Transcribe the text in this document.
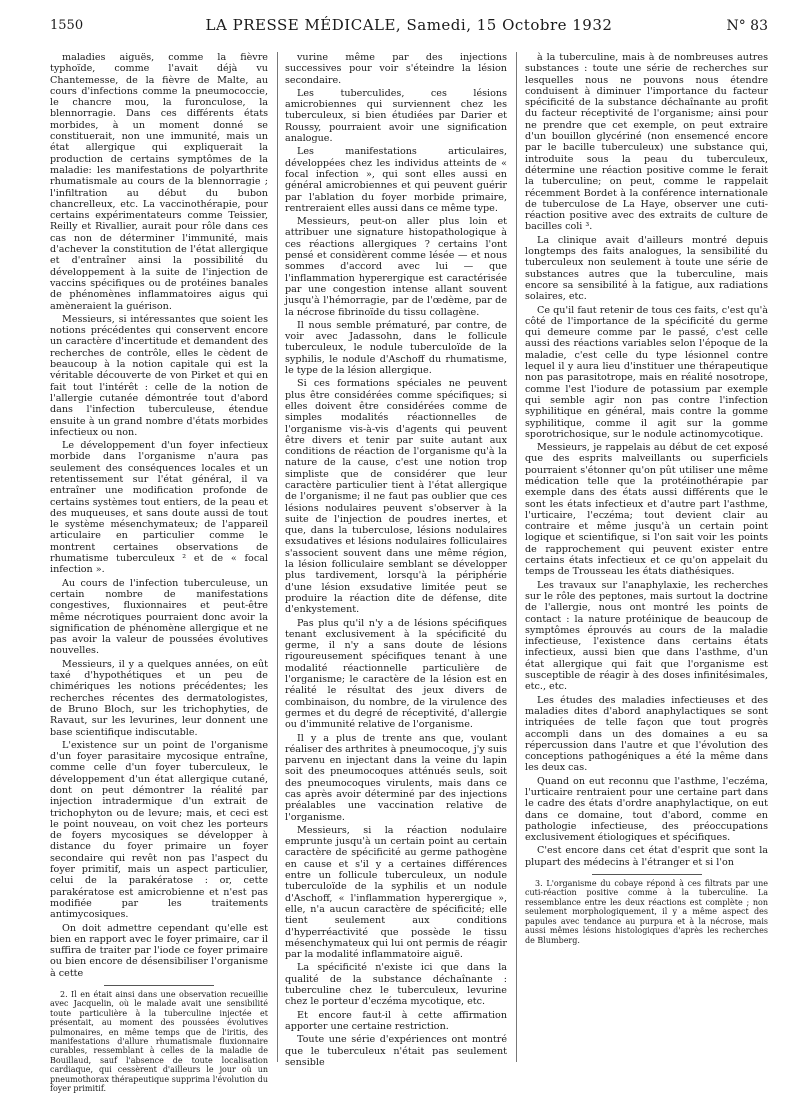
1550	LA PRESSE MÉDICALE, Samedi, 15 Octobre 1932	N° 83

maladies aiguës, comme la fièvre typhoïde, comme l'avait déjà vu Chantemesse, de la fièvre de Malte, au cours d'infections comme la pneumococcie, le chancre mou, la furonculose, la blennorragie. Dans ces différents états morbides, à un moment donné se constituerait, non une immunité, mais un état allergique qui expliquerait la production de certains symptômes de la maladie: les manifestations de polyarthrite rhumatismale au cours de la blennorragie ; l'infiltration au début du bubon chancrelleux, etc. La vaccinothérapie, pour certains expérimentateurs comme Teissier, Reilly et Rivallier, aurait pour rôle dans ces cas non de déterminer l'immunité, mais d'achever la constitution de l'état allergique et d'entraîner ainsi la possibilité du développement à la suite de l'injection de vaccins spécifiques ou de protéines banales de phénomènes inflammatoires aigus qui amèneraient la guérison.

Messieurs, si intéressantes que soient les notions précédentes qui conservent encore un caractère d'incertitude et demandent des recherches de contrôle, elles le cèdent de beaucoup à la notion capitale qui est la véritable découverte de von Pirket et qui en fait tout l'intérêt : celle de la notion de l'allergie cutanée démontrée tout d'abord dans l'infection tuberculeuse, étendue ensuite à un grand nombre d'états morbides infectieux ou non.

Le développement d'un foyer infectieux morbide dans l'organisme n'aura pas seulement des conséquences locales et un retentissement sur l'état général, il va entraîner une modification profonde de certains systèmes tout entiers, de la peau et des muqueuses, et sans doute aussi de tout le système mésenchymateux; de l'appareil articulaire en particulier comme le montrent certaines observations de rhumatisme tuberculeux ² et de « focal infection ».

Au cours de l'infection tuberculeuse, un certain nombre de manifestations congestives, fluxionnaires et peut-être même nécrotiques pourraient donc avoir la signification de phénomène allergique et ne pas avoir la valeur de poussées évolutives nouvelles.

Messieurs, il y a quelques années, on eût taxé d'hypothétiques et un peu de chimériques les notions précédentes; les recherches récentes des dermatologistes, de Bruno Bloch, sur les trichophyties, de Ravaut, sur les levurines, leur donnent une base scientifique indiscutable.

L'existence sur un point de l'organisme d'un foyer parasitaire mycosique entraîne, comme celle d'un foyer tuberculeux, le développement d'un état allergique cutané, dont on peut démontrer la réalité par injection intradermique d'un extrait de trichophyton ou de levure; mais, et ceci est le point nouveau, on voit chez les porteurs de foyers mycosiques se développer à distance du foyer primaire un foyer secondaire qui revêt non pas l'aspect du foyer primitif, mais un aspect particulier, celui de la parakératose : or, cette parakératose est amicrobienne et n'est pas modifiée par les traitements antimycosiques.

On doit admettre cependant qu'elle est bien en rapport avec le foyer primaire, car il suffira de traiter par l'iode ce foyer primaire ou bien encore de désensibiliser l'organisme à cette

2. Il en était ainsi dans une observation recueillie avec Jacquelin, où le malade avait une sensibilité toute particulière à la tuberculine injectée et présentait, au moment des poussées évolutives pulmonaires, en même temps que de l'iritis, des manifestations d'allure rhumatismale fluxionnaire curables, ressemblant à celles de la maladie de Bouillaud, sauf l'absence de toute localisation cardiaque, qui cessèrent d'ailleurs le jour où un pneumothorax thérapeutique supprima l'évolution du foyer primitif.

vurine même par des injections successives pour voir s'éteindre la lésion secondaire.

Les tuberculides, ces lésions amicrobiennes qui surviennent chez les tuberculeux, si bien étudiées par Darier et Roussy, pourraient avoir une signification analogue.

Les manifestations articulaires, développées chez les individus atteints de « focal infection », qui sont elles aussi en général amicrobiennes et qui peuvent guérir par l'ablation du foyer morbide primaire, rentreraient elles aussi dans ce même type.

Messieurs, peut-on aller plus loin et attribuer une signature histopathologique à ces réactions allergiques ? certains l'ont pensé et considèrent comme lésée — et nous sommes d'accord avec lui — que l'inflammation hyperergique est caractérisée par une congestion intense allant souvent jusqu'à l'hémorragie, par de l'œdème, par de la nécrose fibrinoïde du tissu collagène.

Il nous semble prématuré, par contre, de voir avec Jadassohn, dans le follicule tuberculeux, le nodule tuberculoïde de la syphilis, le nodule d'Aschoff du rhumatisme, le type de la lésion allergique.

Si ces formations spéciales ne peuvent plus être considérées comme spécifiques; si elles doivent être considérées comme de simples modalités réactionnelles de l'organisme vis-à-vis d'agents qui peuvent être divers et tenir par suite autant aux conditions de réaction de l'organisme qu'à la nature de la cause, c'est une notion trop simpliste que de considérer que leur caractère particulier tient à l'état allergique de l'organisme; il ne faut pas oublier que ces lésions nodulaires peuvent s'observer à la suite de l'injection de poudres inertes, et que, dans la tuberculose, lésions nodulaires exsudatives et lésions nodulaires folliculaires s'associent souvent dans une même région, la lésion folliculaire semblant se développer plus tardivement, lorsqu'à la périphérie d'une lésion exsudative limitée peut se produire la réaction dite de défense, dite d'enkystement.

Pas plus qu'il n'y a de lésions spécifiques tenant exclusivement à la spécificité du germe, il n'y a sans doute de lésions rigoureusement spécifiques tenant à une modalité réactionnelle particulière de l'organisme; le caractère de la lésion est en réalité le résultat des jeux divers de combinaison, du nombre, de la virulence des germes et du degré de réceptivité, d'allergie ou d'immunité relative de l'organisme.

Il y a plus de trente ans que, voulant réaliser des arthrites à pneumocoque, j'y suis parvenu en injectant dans la veine du lapin soit des pneumocoques atténués seuls, soit des pneumocoques virulents, mais dans ce cas après avoir déterminé par des injections préalables une vaccination relative de l'organisme.

Messieurs, si la réaction nodulaire emprunte jusqu'à un certain point au certain caractère de spécificité au germe pathogène en cause et s'il y a certaines différences entre un follicule tuberculeux, un nodule tuberculoïde de la syphilis et un nodule d'Aschoff, « l'inflammation hyperergique », elle, n'a aucun caractère de spécificité; elle tient seulement aux conditions d'hyperréactivité que possède le tissu mésenchymateux qui lui ont permis de réagir par la modalité inflammatoire aiguë.

La spécificité n'existe ici que dans la qualité de la substance déchaînante : tuberculine chez le tuberculeux, levurine chez le porteur d'eczéma mycotique, etc.

Et encore faut-il à cette affirmation apporter une certaine restriction.

Toute une série d'expériences ont montré que le tuberculeux n'était pas seulement sensible

à la tuberculine, mais à de nombreuses autres substances : toute une série de recherches sur lesquelles nous ne pouvons nous étendre conduisent à diminuer l'importance du facteur spécificité de la substance déchaînante au profit du facteur réceptivité de l'organisme; ainsi pour ne prendre que cet exemple, on peut extraire d'un bouillon glycériné (non ensemencé encore par le bacille tuberculeux) une substance qui, introduite sous la peau du tuberculeux, détermine une réaction positive comme le ferait la tuberculine; on peut, comme le rappelait récemment Bordet à la conférence internationale de tuberculose de La Haye, observer une cuti-réaction positive avec des extraits de culture de bacilles coli ³.

La clinique avait d'ailleurs montré depuis longtemps des faits analogues, la sensibilité du tuberculeux non seulement à toute une série de substances autres que la tuberculine, mais encore sa sensibilité à la fatigue, aux radiations solaires, etc.

Ce qu'il faut retenir de tous ces faits, c'est qu'à côté de l'importance de la spécificité du germe qui demeure comme par le passé, c'est celle aussi des réactions variables selon l'époque de la maladie, c'est celle du type lésionnel contre lequel il y aura lieu d'instituer une thérapeutique non pas parasitotrope, mais en réalité nosotrope, comme l'est l'iodure de potassium par exemple qui semble agir non pas contre l'infection syphilitique en général, mais contre la gomme syphilitique, comme il agit sur la gomme sporotrichosique, sur le nodule actinomycotique.

Messieurs, je rappelais au début de cet exposé que des esprits malveillants ou superficiels pourraient s'étonner qu'on pût utiliser une même médication telle que la protéinothérapie par exemple dans des états aussi différents que le sont les états infectieux et d'autre part l'asthme, l'urticaire, l'eczéma; tout devient clair au contraire et même jusqu'à un certain point logique et scientifique, si l'on sait voir les points de rapprochement qui peuvent exister entre certains états infectieux et ce qu'on appelait du temps de Trousseau les états diathésiques.

Les travaux sur l'anaphylaxie, les recherches sur le rôle des peptones, mais surtout la doctrine de l'allergie, nous ont montré les points de contact : la nature protéinique de beaucoup de symptômes éprouvés au cours de la maladie infectieuse, l'existence dans certains états infectieux, aussi bien que dans l'asthme, d'un état allergique qui fait que l'organisme est susceptible de réagir à des doses infinitésimales, etc., etc.

Les études des maladies infectieuses et des maladies dites d'abord anaphylactiques se sont intriquées de telle façon que tout progrès accompli dans un des domaines a eu sa répercussion dans l'autre et que l'évolution des conceptions pathogéniques a été la même dans les deux cas.

Quand on eut reconnu que l'asthme, l'eczéma, l'urticaire rentraient pour une certaine part dans le cadre des états d'ordre anaphylactique, on eut dans ce domaine, tout d'abord, comme en pathologie infectieuse, des préoccupations exclusivement étiologiques et spécifiques.

C'est encore dans cet état d'esprit que sont la plupart des médecins à l'étranger et si l'on

3. L'organisme du cobaye répond à ces filtrats par une cuti-réaction positive comme à la tuberculine. La ressemblance entre les deux réactions est complète ; non seulement morphologiquement, il y a même aspect des papules avec tendance au purpura et à la nécrose, mais aussi mêmes lésions histologiques d'après les recherches de Blumberg.
